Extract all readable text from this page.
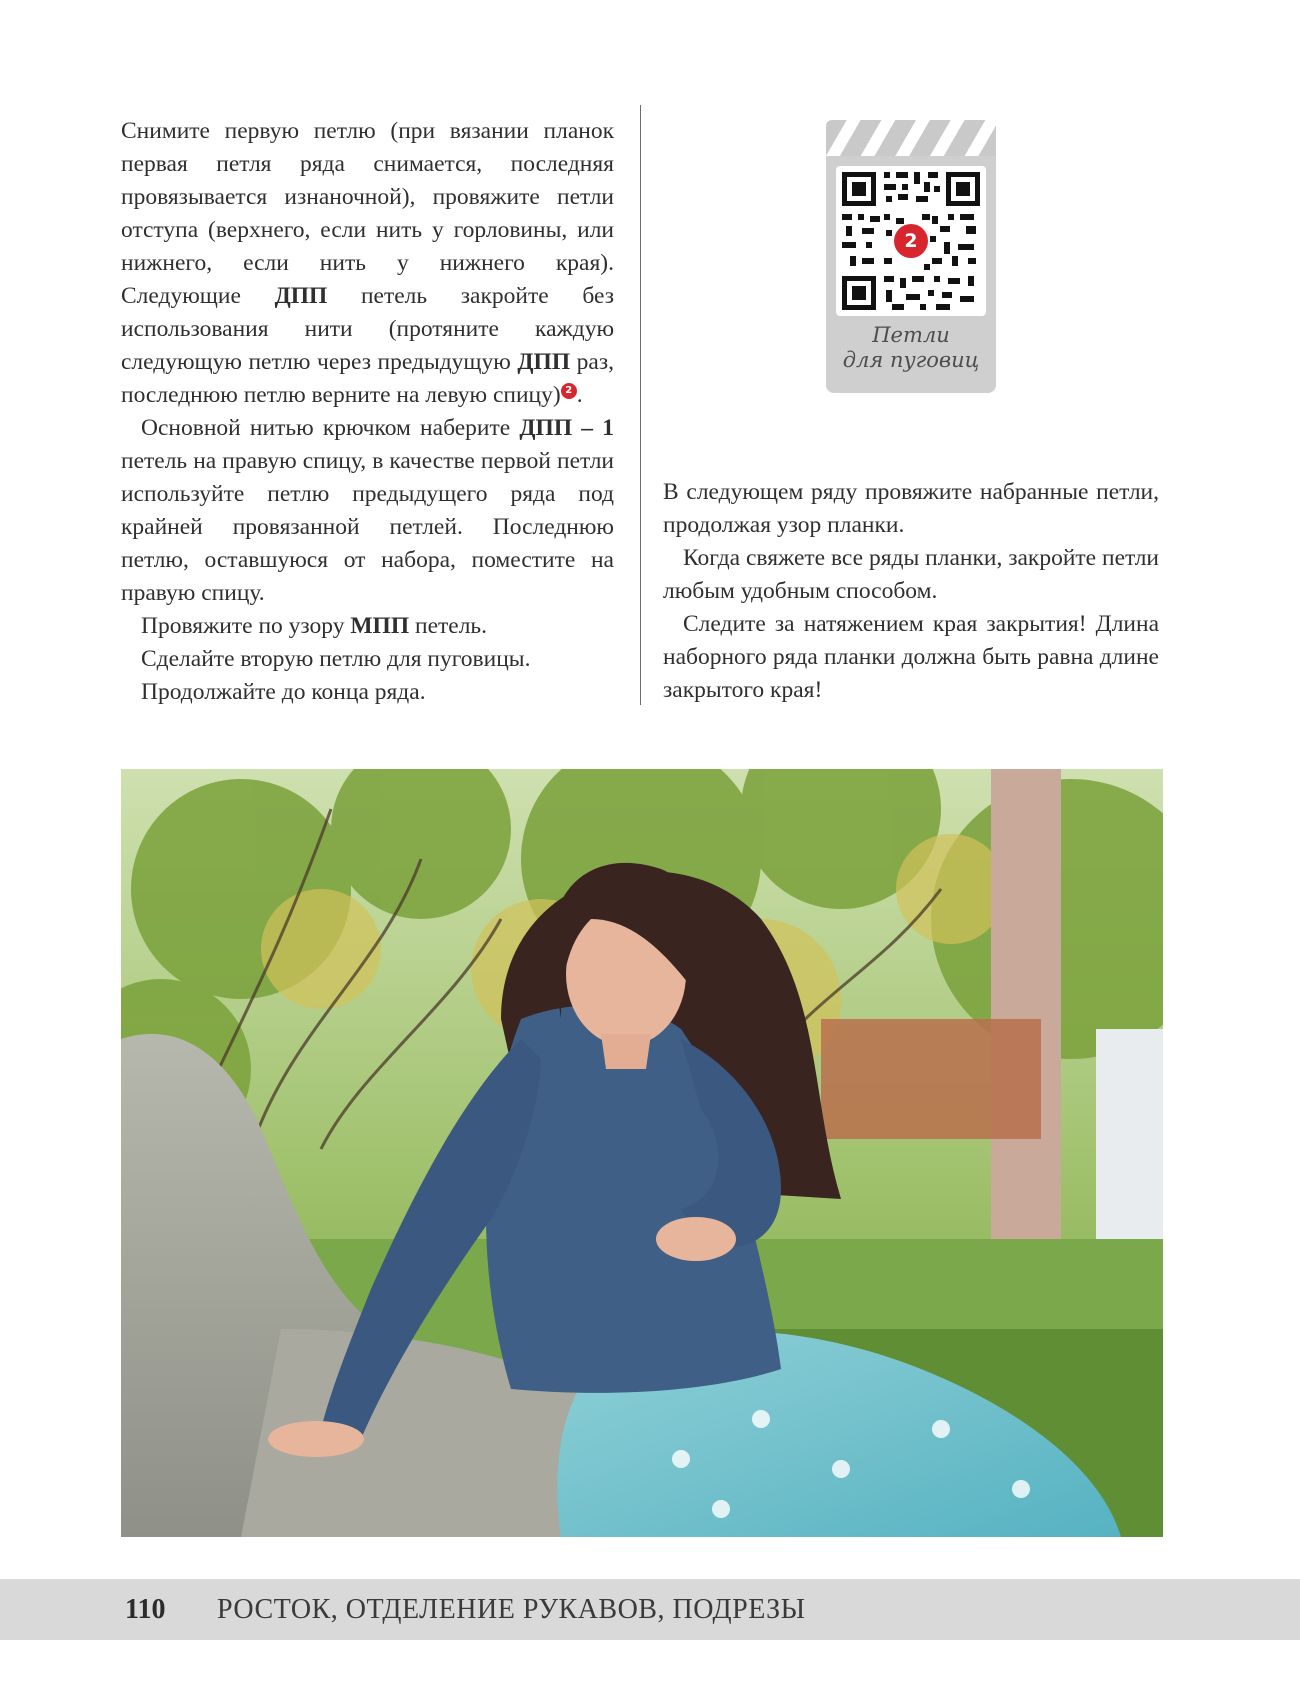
Снимите первую петлю (при вязании планок первая петля ряда снимается, последняя провязывается изнаночной), провяжите петли отступа (верхнего, если нить у горловины, или нижнего, если нить у нижнего края). Следующие ДПП петель закройте без использования нити (протяните каждую следующую петлю через предыдущую ДПП раз, последнюю петлю верните на левую спицу) 2 .

Основной нитью крючком наберите ДПП – 1 петель на правую спицу, в качестве первой петли используйте петлю предыдущего ряда под крайней провязанной петлей. Последнюю петлю, оставшуюся от набора, поместите на правую спицу.

Провяжите по узору МПП петель.

Сделайте вторую петлю для пуговицы.

Продолжайте до конца ряда.

2
Петли
для пуговиц

В следующем ряду провяжите набранные петли, продолжая узор планки.

Когда свяжете все ряды планки, закройте петли любым удобным способом.

Следите за натяжением края закрытия! Длина наборного ряда планки должна быть равна длине закрытого края!

110 РОСТОК, ОТДЕЛЕНИЕ РУКАВОВ, ПОДРЕЗЫ
